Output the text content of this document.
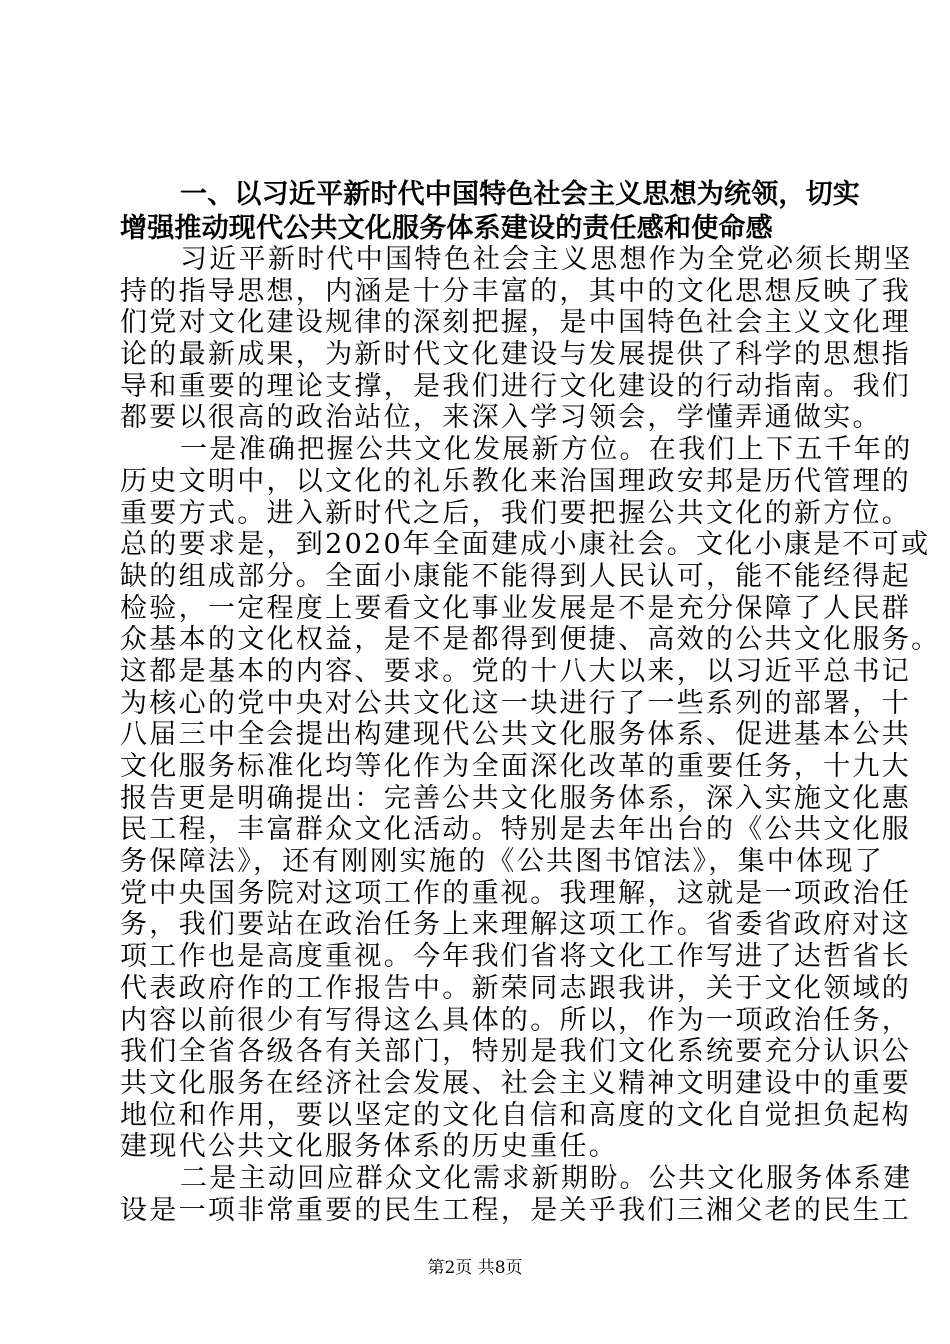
一、以习近平新时代中国特色社会主义思想为统领，切实
增强推动现代公共文化服务体系建设的责任感和使命感
习近平新时代中国特色社会主义思想作为全党必须长期坚
持的指导思想，内涵是十分丰富的，其中的文化思想反映了我
们党对文化建设规律的深刻把握，是中国特色社会主义文化理
论的最新成果，为新时代文化建设与发展提供了科学的思想指
导和重要的理论支撑，是我们进行文化建设的行动指南。我们
都要以很高的政治站位，来深入学习领会，学懂弄通做实。
一是准确把握公共文化发展新方位。在我们上下五千年的
历史文明中，以文化的礼乐教化来治国理政安邦是历代管理的
重要方式。进入新时代之后，我们要把握公共文化的新方位。
总的要求是，到2020年全面建成小康社会。文化小康是不可或
缺的组成部分。全面小康能不能得到人民认可，能不能经得起
检验，一定程度上要看文化事业发展是不是充分保障了人民群
众基本的文化权益，是不是都得到便捷、高效的公共文化服务。
这都是基本的内容、要求。党的十八大以来，以习近平总书记
为核心的党中央对公共文化这一块进行了一些系列的部署，十
八届三中全会提出构建现代公共文化服务体系、促进基本公共
文化服务标准化均等化作为全面深化改革的重要任务，十九大
报告更是明确提出：完善公共文化服务体系，深入实施文化惠
民工程，丰富群众文化活动。特别是去年出台的《公共文化服
务保障法》，还有刚刚实施的《公共图书馆法》，集中体现了
党中央国务院对这项工作的重视。我理解，这就是一项政治任
务，我们要站在政治任务上来理解这项工作。省委省政府对这
项工作也是高度重视。今年我们省将文化工作写进了达哲省长
代表政府作的工作报告中。新荣同志跟我讲，关于文化领域的
内容以前很少有写得这么具体的。所以，作为一项政治任务，
我们全省各级各有关部门，特别是我们文化系统要充分认识公
共文化服务在经济社会发展、社会主义精神文明建设中的重要
地位和作用，要以坚定的文化自信和高度的文化自觉担负起构
建现代公共文化服务体系的历史重任。
二是主动回应群众文化需求新期盼。公共文化服务体系建
设是一项非常重要的民生工程，是关乎我们三湘父老的民生工
第2页 共8页
